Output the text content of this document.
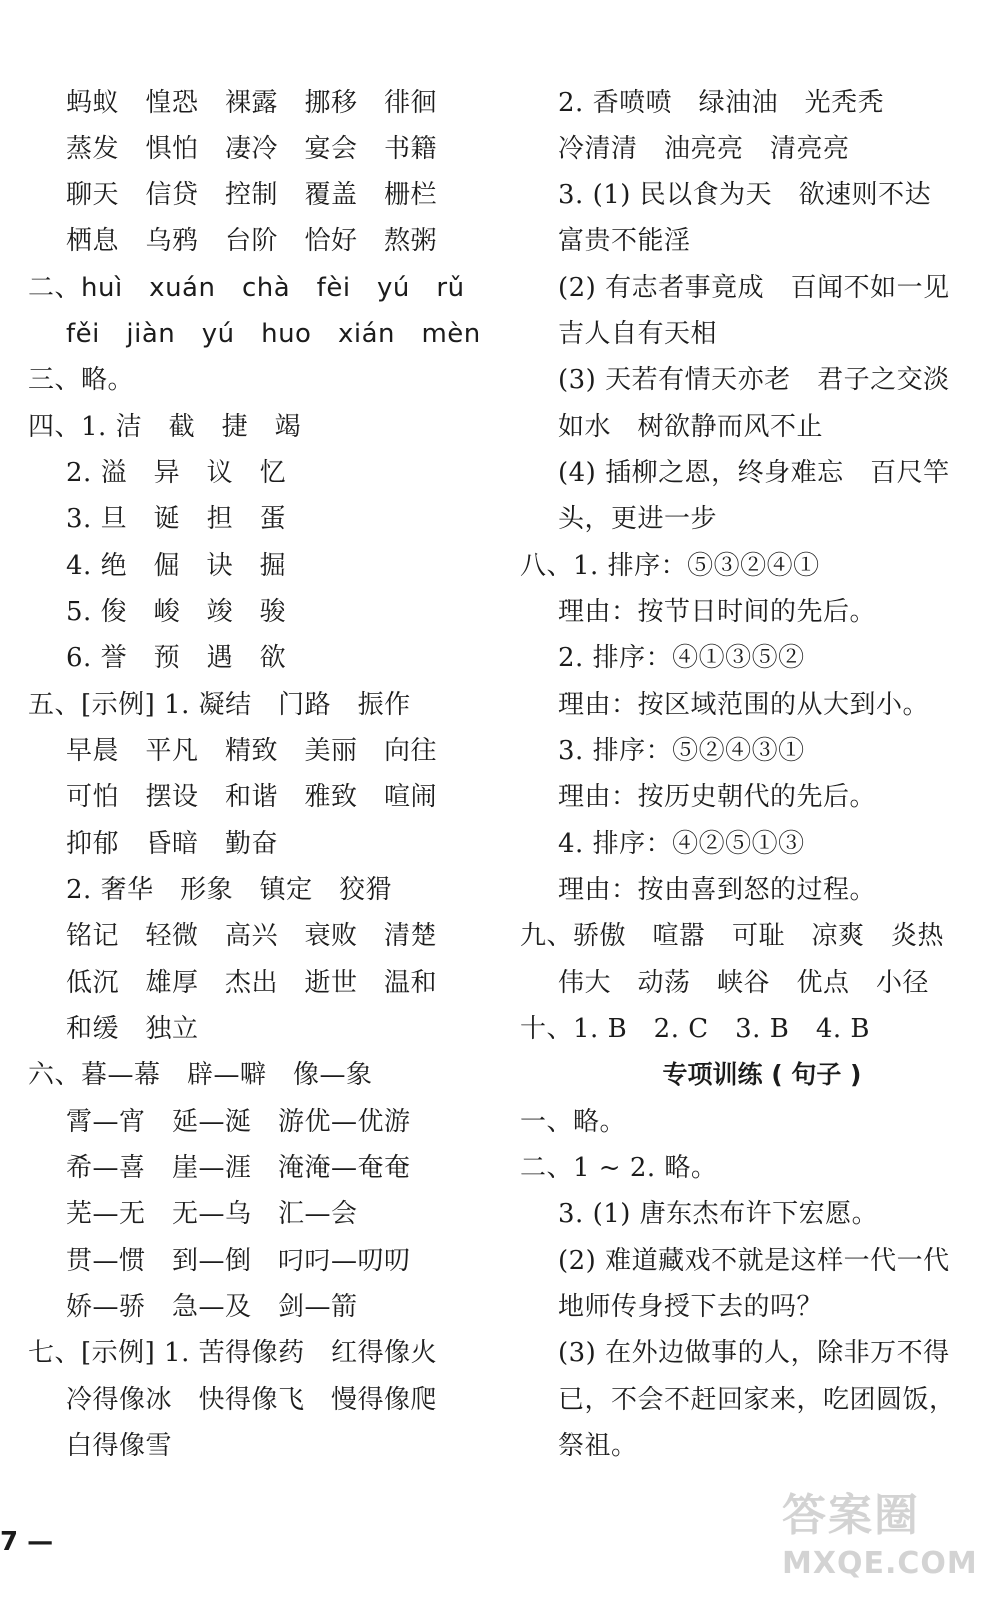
蚂蚁　惶恐　裸露　挪移　徘徊
蒸发　惧怕　凄冷　宴会　书籍
聊天　信贷　控制　覆盖　栅栏
栖息　乌鸦　台阶　恰好　熬粥
二、huì　xuán　chà　fèi　yú　rǔ
fěi　jiàn　yú　huo　xián　mèn
三、略。
四、1. 洁　截　捷　竭
2. 溢　异　议　忆
3. 旦　诞　担　蛋
4. 绝　倔　诀　掘
5. 俊　峻　竣　骏
6. 誉　预　遇　欲
五、[示例] 1. 凝结　门路　振作
早晨　平凡　精致　美丽　向往
可怕　摆设　和谐　雅致　喧闹
抑郁　昏暗　勤奋
2. 奢华　形象　镇定　狡猾
铭记　轻微　高兴　衰败　清楚
低沉　雄厚　杰出　逝世　温和
和缓　独立
六、暮—幕　辟—噼　像—象
霄—宵　延—涎　游优—优游
希—喜　崖—涯　淹淹—奄奄
芜—无　无—乌　汇—会
贯—惯　到—倒　叼叼—叨叨
娇—骄　急—及　剑—箭
七、[示例] 1. 苦得像药　红得像火
冷得像冰　快得像飞　慢得像爬
白得像雪
2. 香喷喷　绿油油　光秃秃
冷清清　油亮亮　清亮亮
3. (1) 民以食为天　欲速则不达
富贵不能淫
(2) 有志者事竟成　百闻不如一见
吉人自有天相
(3) 天若有情天亦老　君子之交淡
如水　树欲静而风不止
(4) 插柳之恩，终身难忘　百尺竿
头，更进一步
八、1. 排序：⑤③②④①
理由：按节日时间的先后。
2. 排序：④①③⑤②
理由：按区域范围的从大到小。
3. 排序：⑤②④③①
理由：按历史朝代的先后。
4. 排序：④②⑤①③
理由：按由喜到怒的过程。
九、骄傲　喧嚣　可耻　凉爽　炎热
伟大　动荡　峡谷　优点　小径
十、1. B　2. C　3. B　4. B
专项训练 ( 句子 )
一、略。
二、1 ~ 2. 略。
3. (1) 唐东杰布许下宏愿。
(2) 难道藏戏不就是这样一代一代
地师传身授下去的吗？
(3) 在外边做事的人，除非万不得
已，不会不赶回家来，吃团圆饭，
祭祖。
7 —
答案圈
MXQE.COM
